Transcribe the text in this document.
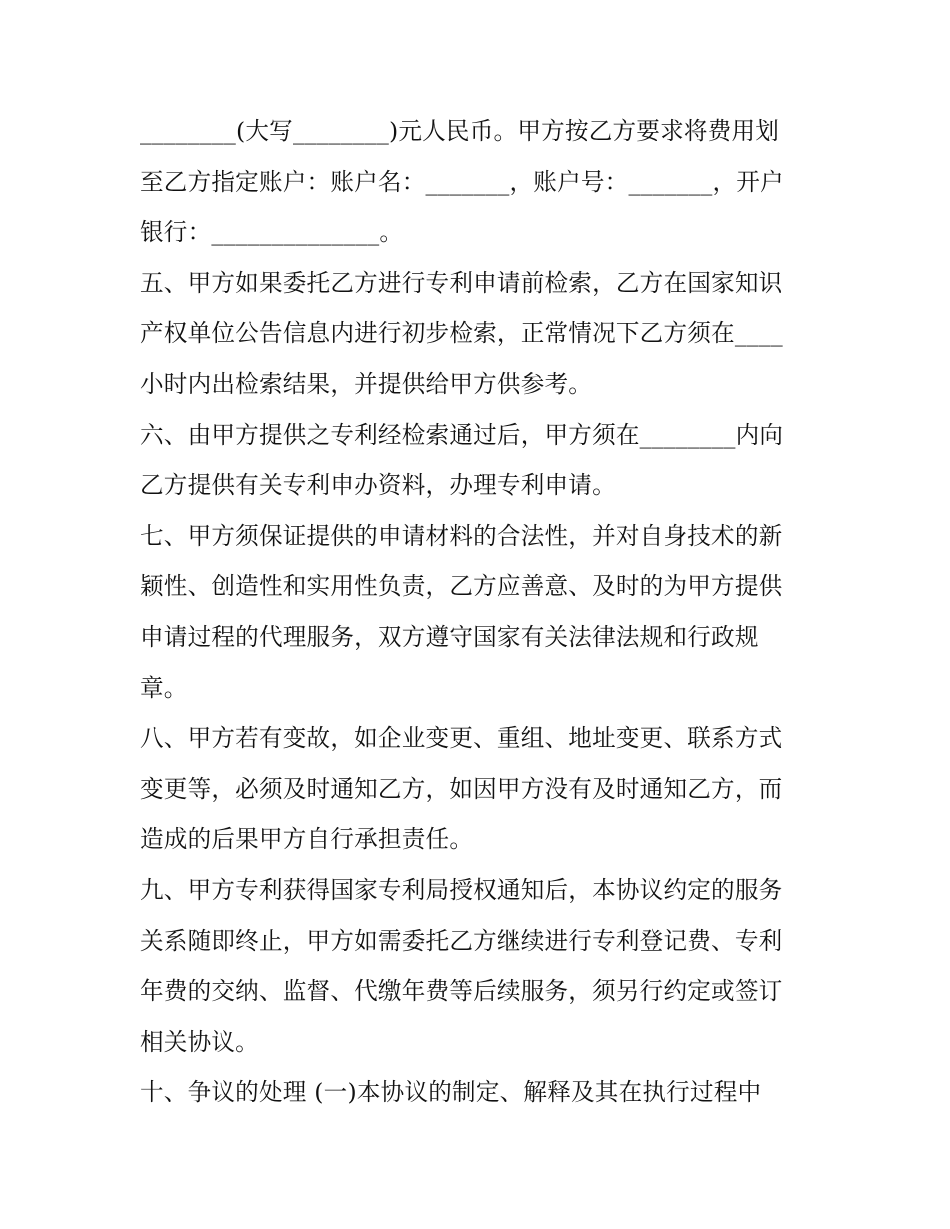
________(大写________)元人民币。甲方按乙方要求将费用划
至乙方指定账户：账户名：_______，账户号：_______，开户
银行：______________。
五、甲方如果委托乙方进行专利申请前检索，乙方在国家知识
产权单位公告信息内进行初步检索，正常情况下乙方须在____
小时内出检索结果，并提供给甲方供参考。
六、由甲方提供之专利经检索通过后，甲方须在________内向
乙方提供有关专利申办资料，办理专利申请。
七、甲方须保证提供的申请材料的合法性，并对自身技术的新
颖性、创造性和实用性负责，乙方应善意、及时的为甲方提供
申请过程的代理服务，双方遵守国家有关法律法规和行政规
章。
八、甲方若有变故，如企业变更、重组、地址变更、联系方式
变更等，必须及时通知乙方，如因甲方没有及时通知乙方，而
造成的后果甲方自行承担责任。
九、甲方专利获得国家专利局授权通知后，本协议约定的服务
关系随即终止，甲方如需委托乙方继续进行专利登记费、专利
年费的交纳、监督、代缴年费等后续服务，须另行约定或签订
相关协议。
十、争议的处理 (一)本协议的制定、解释及其在执行过程中
